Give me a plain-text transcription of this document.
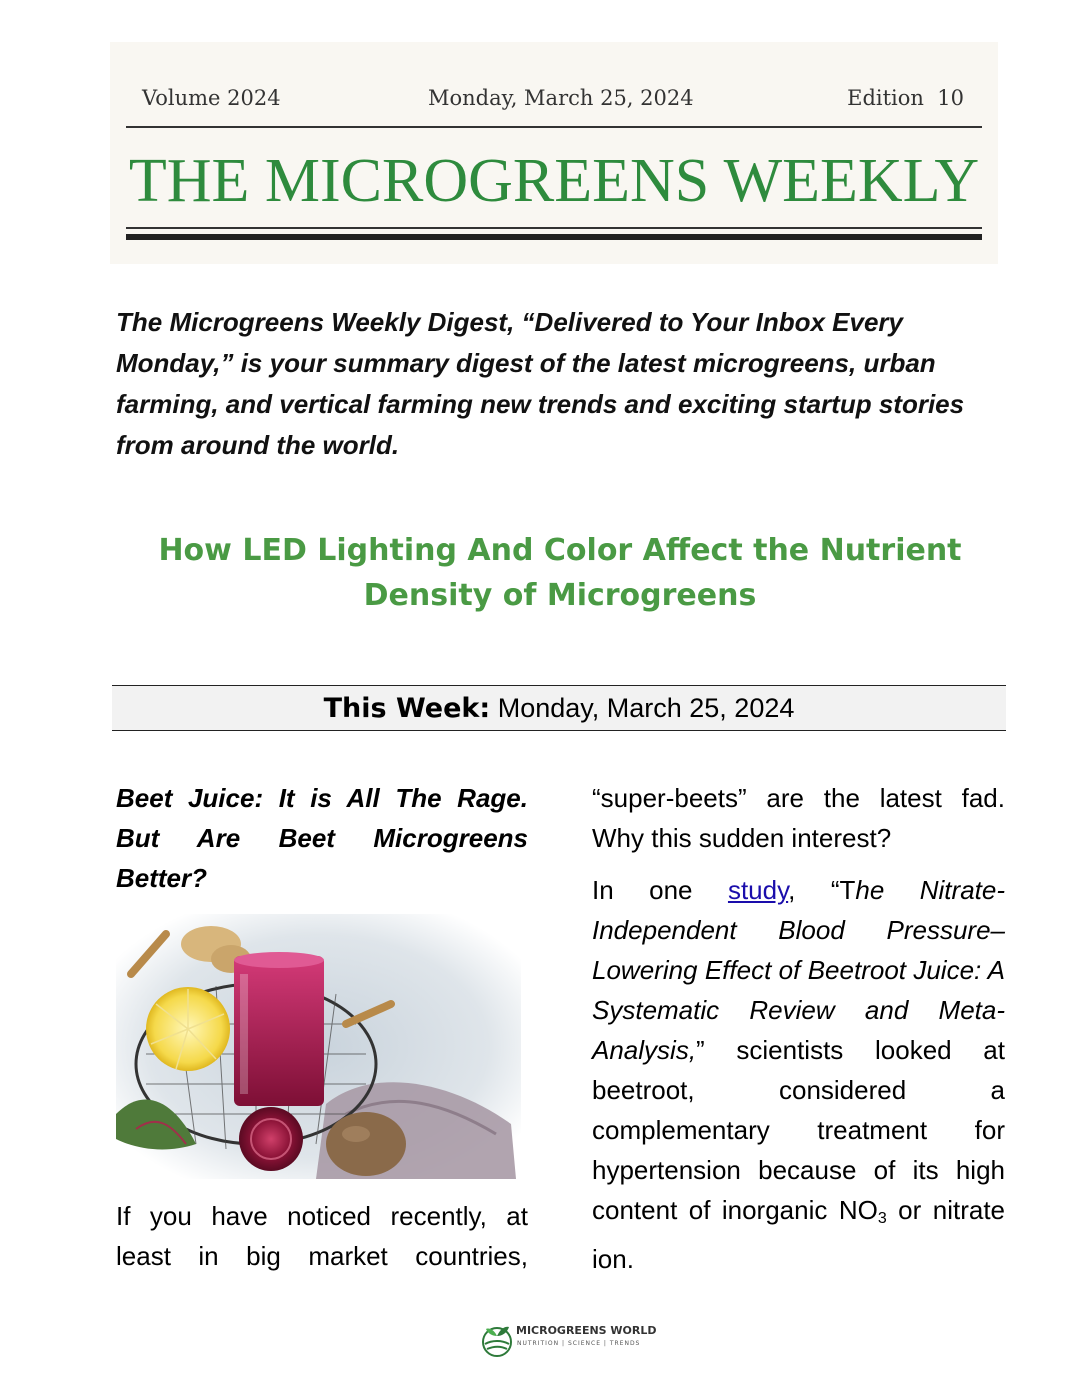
Volume 2024	Monday, March 25, 2024	Edition  10
THE MICROGREENS WEEKLY

The Microgreens Weekly Digest, “Delivered to Your Inbox Every Monday,” is your summary digest of the latest microgreens, urban farming, and vertical farming new trends and exciting startup stories from around the world.

How LED Lighting And Color Affect the Nutrient Density of Microgreens
This Week: Monday, March 25, 2024
Beet Juice: It is All The Rage. But Are Beet Microgreens Better?

If you have noticed recently, at least in big market countries,

“super-beets” are the latest fad. Why this sudden interest?

In one study, “The Nitrate-Independent Blood Pressure–Lowering Effect of Beetroot Juice: A Systematic Review and Meta-Analysis,” scientists looked at beetroot, considered a complementary treatment for hypertension because of its high content of inorganic $NO_3$ or nitrate ion.

MICROGREENS WORLD
NUTRITION | SCIENCE | TRENDS
